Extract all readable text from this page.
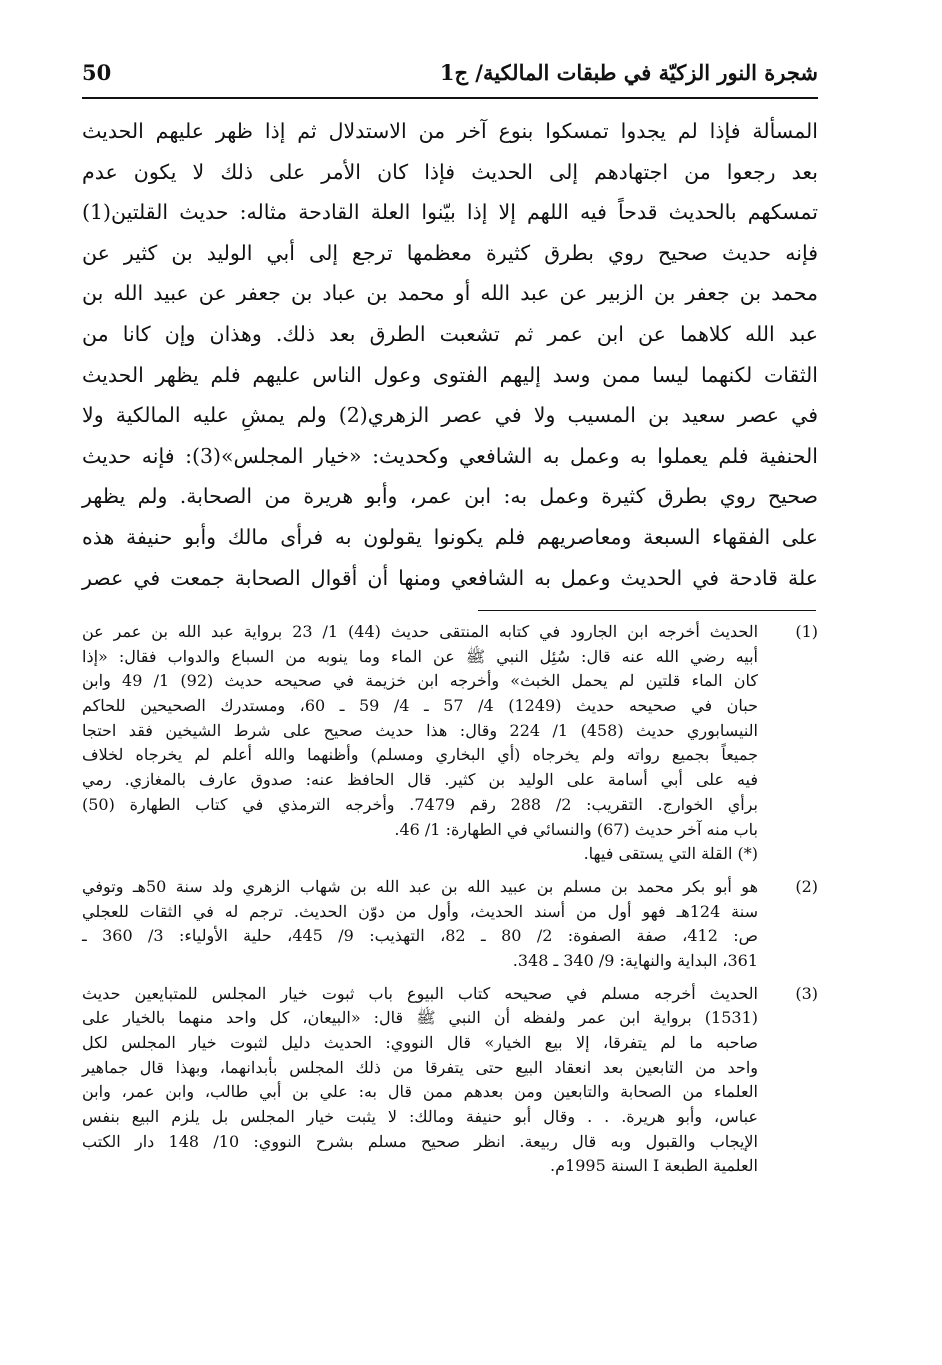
50	شجرة النور الزكيّة في طبقات المالكية/ ج1
المسألة فإذا لم يجدوا تمسكوا بنوع آخر من الاستدلال ثم إذا ظهر عليهم الحديث
بعد رجعوا من اجتهادهم إلى الحديث فإذا كان الأمر على ذلك لا يكون عدم
تمسكهم بالحديث قدحاً فيه اللهم إلا إذا بيّنوا العلة القادحة مثاله: حديث القلتين(1)
فإنه حديث صحيح روي بطرق كثيرة معظمها ترجع إلى أبي الوليد بن كثير عن
محمد بن جعفر بن الزبير عن عبد الله أو محمد بن عباد بن جعفر عن عبيد الله بن
عبد الله كلاهما عن ابن عمر ثم تشعبت الطرق بعد ذلك. وهذان وإن كانا من
الثقات لكنهما ليسا ممن وسد إليهم الفتوى وعول الناس عليهم فلم يظهر الحديث
في عصر سعيد بن المسيب ولا في عصر الزهري(2) ولم يمشِ عليه المالكية ولا
الحنفية فلم يعملوا به وعمل به الشافعي وكحديث: «خيار المجلس»(3): فإنه حديث
صحيح روي بطرق كثيرة وعمل به: ابن عمر، وأبو هريرة من الصحابة. ولم يظهر
على الفقهاء السبعة ومعاصريهم فلم يكونوا يقولون به فرأى مالك وأبو حنيفة هذه
علة قادحة في الحديث وعمل به الشافعي ومنها أن أقوال الصحابة جمعت في عصر
(1)
الحديث أخرجه ابن الجارود في كتابه المنتقى حديث (44) 1/ 23 برواية عبد الله بن عمر عن
أبيه رضي الله عنه قال: سُئِل النبي ﷺ عن الماء وما ينوبه من السباع والدواب فقال: «إذا
كان الماء قلتين لم يحمل الخبث» وأخرجه ابن خزيمة في صحيحه حديث (92) 1/ 49 وابن
حبان في صحيحه حديث (1249) 4/ 57 ـ 4/ 59 ـ 60، ومستدرك الصحيحين للحاكم
النيسابوري حديث (458) 1/ 224 وقال: هذا حديث صحيح على شرط الشيخين فقد احتجا
جميعاً بجميع رواته ولم يخرجاه (أي البخاري ومسلم) وأظنهما والله أعلم لم يخرجاه لخلاف
فيه على أبي أسامة على الوليد بن كثير. قال الحافظ عنه: صدوق عارف بالمغازي. رمي
برأي الخوارج. التقريب: 2/ 288 رقم 7479. وأخرجه الترمذي في كتاب الطهارة (50)
باب منه آخر حديث (67) والنسائي في الطهارة: 1/ 46.
(*) القلة التي يستقى فيها.
(2)
هو أبو بكر محمد بن مسلم بن عبيد الله بن عبد الله بن شهاب الزهري ولد سنة 50هـ وتوفي
سنة 124هـ فهو أول من أسند الحديث، وأول من دوّن الحديث. ترجم له في الثقات للعجلي
ص: 412، صفة الصفوة: 2/ 80 ـ 82، التهذيب: 9/ 445، حلية الأولياء: 3/ 360 ـ
361، البداية والنهاية: 9/ 340 ـ 348.
(3)
الحديث أخرجه مسلم في صحيحه كتاب البيوع باب ثبوت خيار المجلس للمتبايعين حديث
(1531) برواية ابن عمر ولفظه أن النبي ﷺ قال: «البيعان، كل واحد منهما بالخيار على
صاحبه ما لم يتفرقا، إلا بيع الخيار» قال النووي: الحديث دليل لثبوت خيار المجلس لكل
واحد من التابعين بعد انعقاد البيع حتى يتفرقا من ذلك المجلس بأبدانهما، وبهذا قال جماهير
العلماء من الصحابة والتابعين ومن بعدهم ممن قال به: علي بن أبي طالب، وابن عمر، وابن
عباس، وأبو هريرة. . . وقال أبو حنيفة ومالك: لا يثبت خيار المجلس بل يلزم البيع بنفس
الإيجاب والقبول وبه قال ربيعة. انظر صحيح مسلم بشرح النووي: 10/ 148 دار الكتب
العلمية الطبعة I السنة 1995م.
